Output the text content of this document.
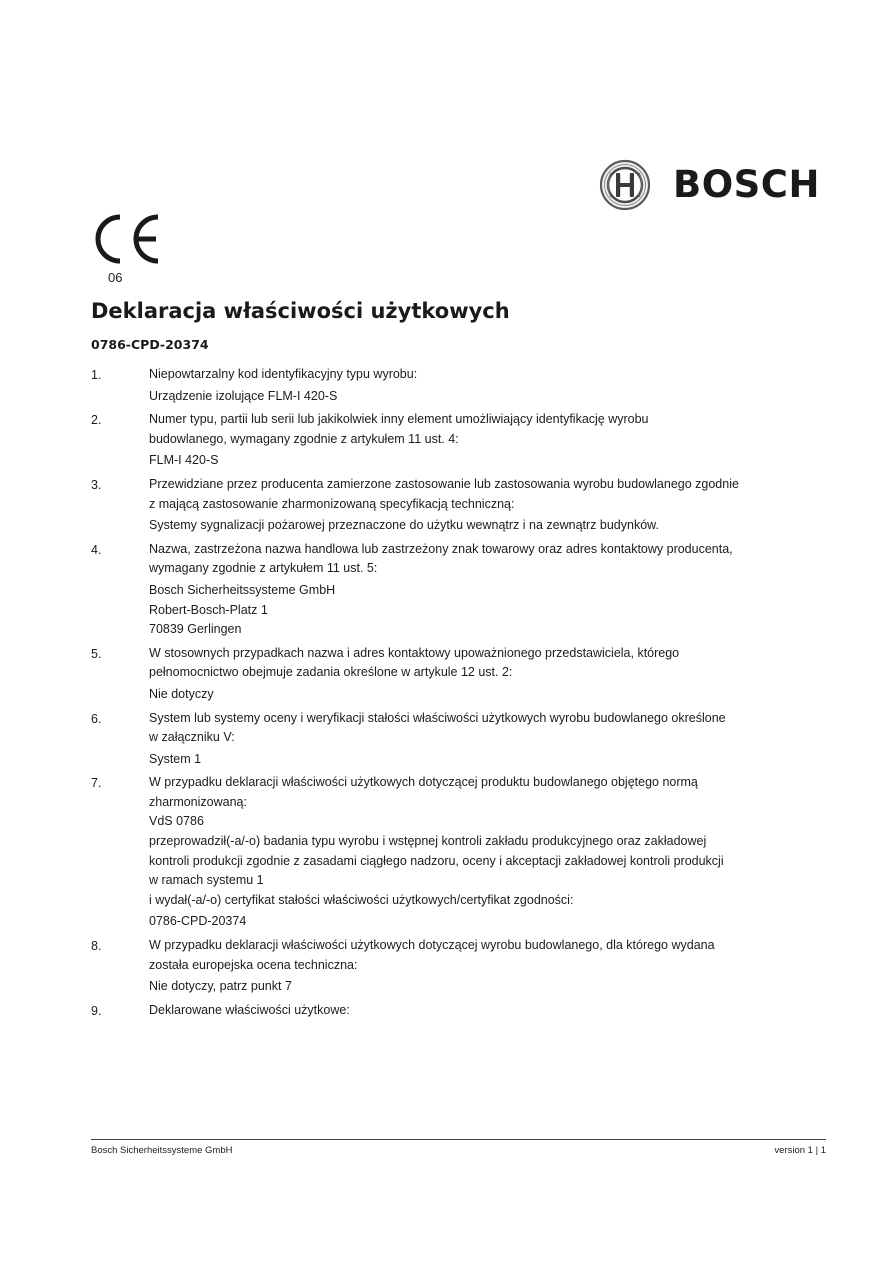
BOSCH
06
Deklaracja właściwości użytkowych
0786-CPD-20374
1.	Niepowtarzalny kod identyfikacyjny typu wyrobu:

Urządzenie izolujące FLM-I 420-S

2.	Numer typu, partii lub serii lub jakikolwiek inny element umożliwiający identyfikację wyrobu

budowlanego, wymagany zgodnie z artykułem 11 ust. 4:

FLM-I 420-S

3.	Przewidziane przez producenta zamierzone zastosowanie lub zastosowania wyrobu budowlanego zgodnie

z mającą zastosowanie zharmonizowaną specyfikacją techniczną:

Systemy sygnalizacji pożarowej przeznaczone do użytku wewnątrz i na zewnątrz budynków.

4.	Nazwa, zastrzeżona nazwa handlowa lub zastrzeżony znak towarowy oraz adres kontaktowy producenta,

wymagany zgodnie z artykułem 11 ust. 5:

Bosch Sicherheitssysteme GmbH

Robert-Bosch-Platz 1

70839 Gerlingen

5.	W stosownych przypadkach nazwa i adres kontaktowy upoważnionego przedstawiciela, którego

pełnomocnictwo obejmuje zadania określone w artykule 12 ust. 2:

Nie dotyczy

6.	System lub systemy oceny i weryfikacji stałości właściwości użytkowych wyrobu budowlanego określone

w załączniku V:

System 1

7.	W przypadku deklaracji właściwości użytkowych dotyczącej produktu budowlanego objętego normą

zharmonizowaną:

VdS 0786

przeprowadził(-a/-o) badania typu wyrobu i wstępnej kontroli zakładu produkcyjnego oraz zakładowej

kontroli produkcji zgodnie z zasadami ciągłego nadzoru, oceny i akceptacji zakładowej kontroli produkcji

w ramach systemu 1

i wydał(-a/-o) certyfikat stałości właściwości użytkowych/certyfikat zgodności:

0786-CPD-20374

8.	W przypadku deklaracji właściwości użytkowych dotyczącej wyrobu budowlanego, dla którego wydana

została europejska ocena techniczna:

Nie dotyczy, patrz punkt 7

9.	Deklarowane właściwości użytkowe:

Bosch Sicherheitssysteme GmbH	version 1 | 1
